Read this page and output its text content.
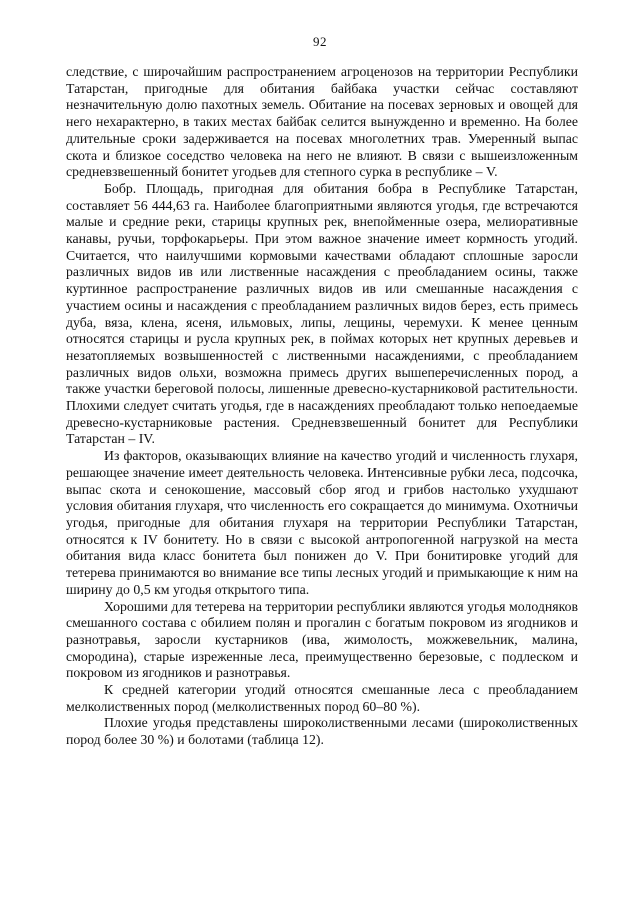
92

следствие, с широчайшим распространением агроценозов на территории Республики Татарстан, пригодные для обитания байбака участки сейчас составляют незначительную долю пахотных земель. Обитание на посевах зерновых и овощей для него нехарактерно, в таких местах байбак селится вынужденно и временно. На более длительные сроки задерживается на посевах многолетних трав. Умеренный выпас скота и близкое соседство человека на него не влияют. В связи с вышеизложенным средневзвешенный бонитет угодьев для степного сурка в республике – V.

Бобр. Площадь, пригодная для обитания бобра в Республике Татарстан, составляет 56 444,63 га. Наиболее благоприятными являются угодья, где встречаются малые и средние реки, старицы крупных рек, внепойменные озера, мелиоративные канавы, ручьи, торфокарьеры. При этом важное значение имеет кормность угодий. Считается, что наилучшими кормовыми качествами обладают сплошные заросли различных видов ив или лиственные насаждения с преобладанием осины, также куртинное распространение различных видов ив или смешанные насаждения с участием осины и насаждения с преобладанием различных видов берез, есть примесь дуба, вяза, клена, ясеня, ильмовых, липы, лещины, черемухи. К менее ценным относятся старицы и русла крупных рек, в поймах которых нет крупных деревьев и незатопляемых возвышенностей с лиственными насаждениями, с преобладанием различных видов ольхи, возможна примесь других вышеперечисленных пород, а также участки береговой полосы, лишенные древесно-кустарниковой растительности. Плохими следует считать угодья, где в насаждениях преобладают только непоедаемые древесно-кустарниковые растения. Средневзвешенный бонитет для Республики Татарстан – IV.

Из факторов, оказывающих влияние на качество угодий и численность глухаря, решающее значение имеет деятельность человека. Интенсивные рубки леса, подсочка, выпас скота и сенокошение, массовый сбор ягод и грибов настолько ухудшают условия обитания глухаря, что численность его сокращается до минимума. Охотничьи угодья, пригодные для обитания глухаря на территории Республики Татарстан, относятся к IV бонитету. Но в связи с высокой антропогенной нагрузкой на места обитания вида класс бонитета был понижен до V. При бонитировке угодий для тетерева принимаются во внимание все типы лесных угодий и примыкающие к ним на ширину до 0,5 км угодья открытого типа.

Хорошими для тетерева на территории республики являются угодья молодняков смешанного состава с обилием полян и прогалин с богатым покровом из ягодников и разнотравья, заросли кустарников (ива, жимолость, можжевельник, малина, смородина), старые изреженные леса, преимущественно березовые, с подлеском и покровом из ягодников и разнотравья.

К средней категории угодий относятся смешанные леса с преобладанием мелколиственных пород (мелколиственных пород 60–80 %).

Плохие угодья представлены широколиственными лесами (широколиственных пород более 30 %) и болотами (таблица 12).
